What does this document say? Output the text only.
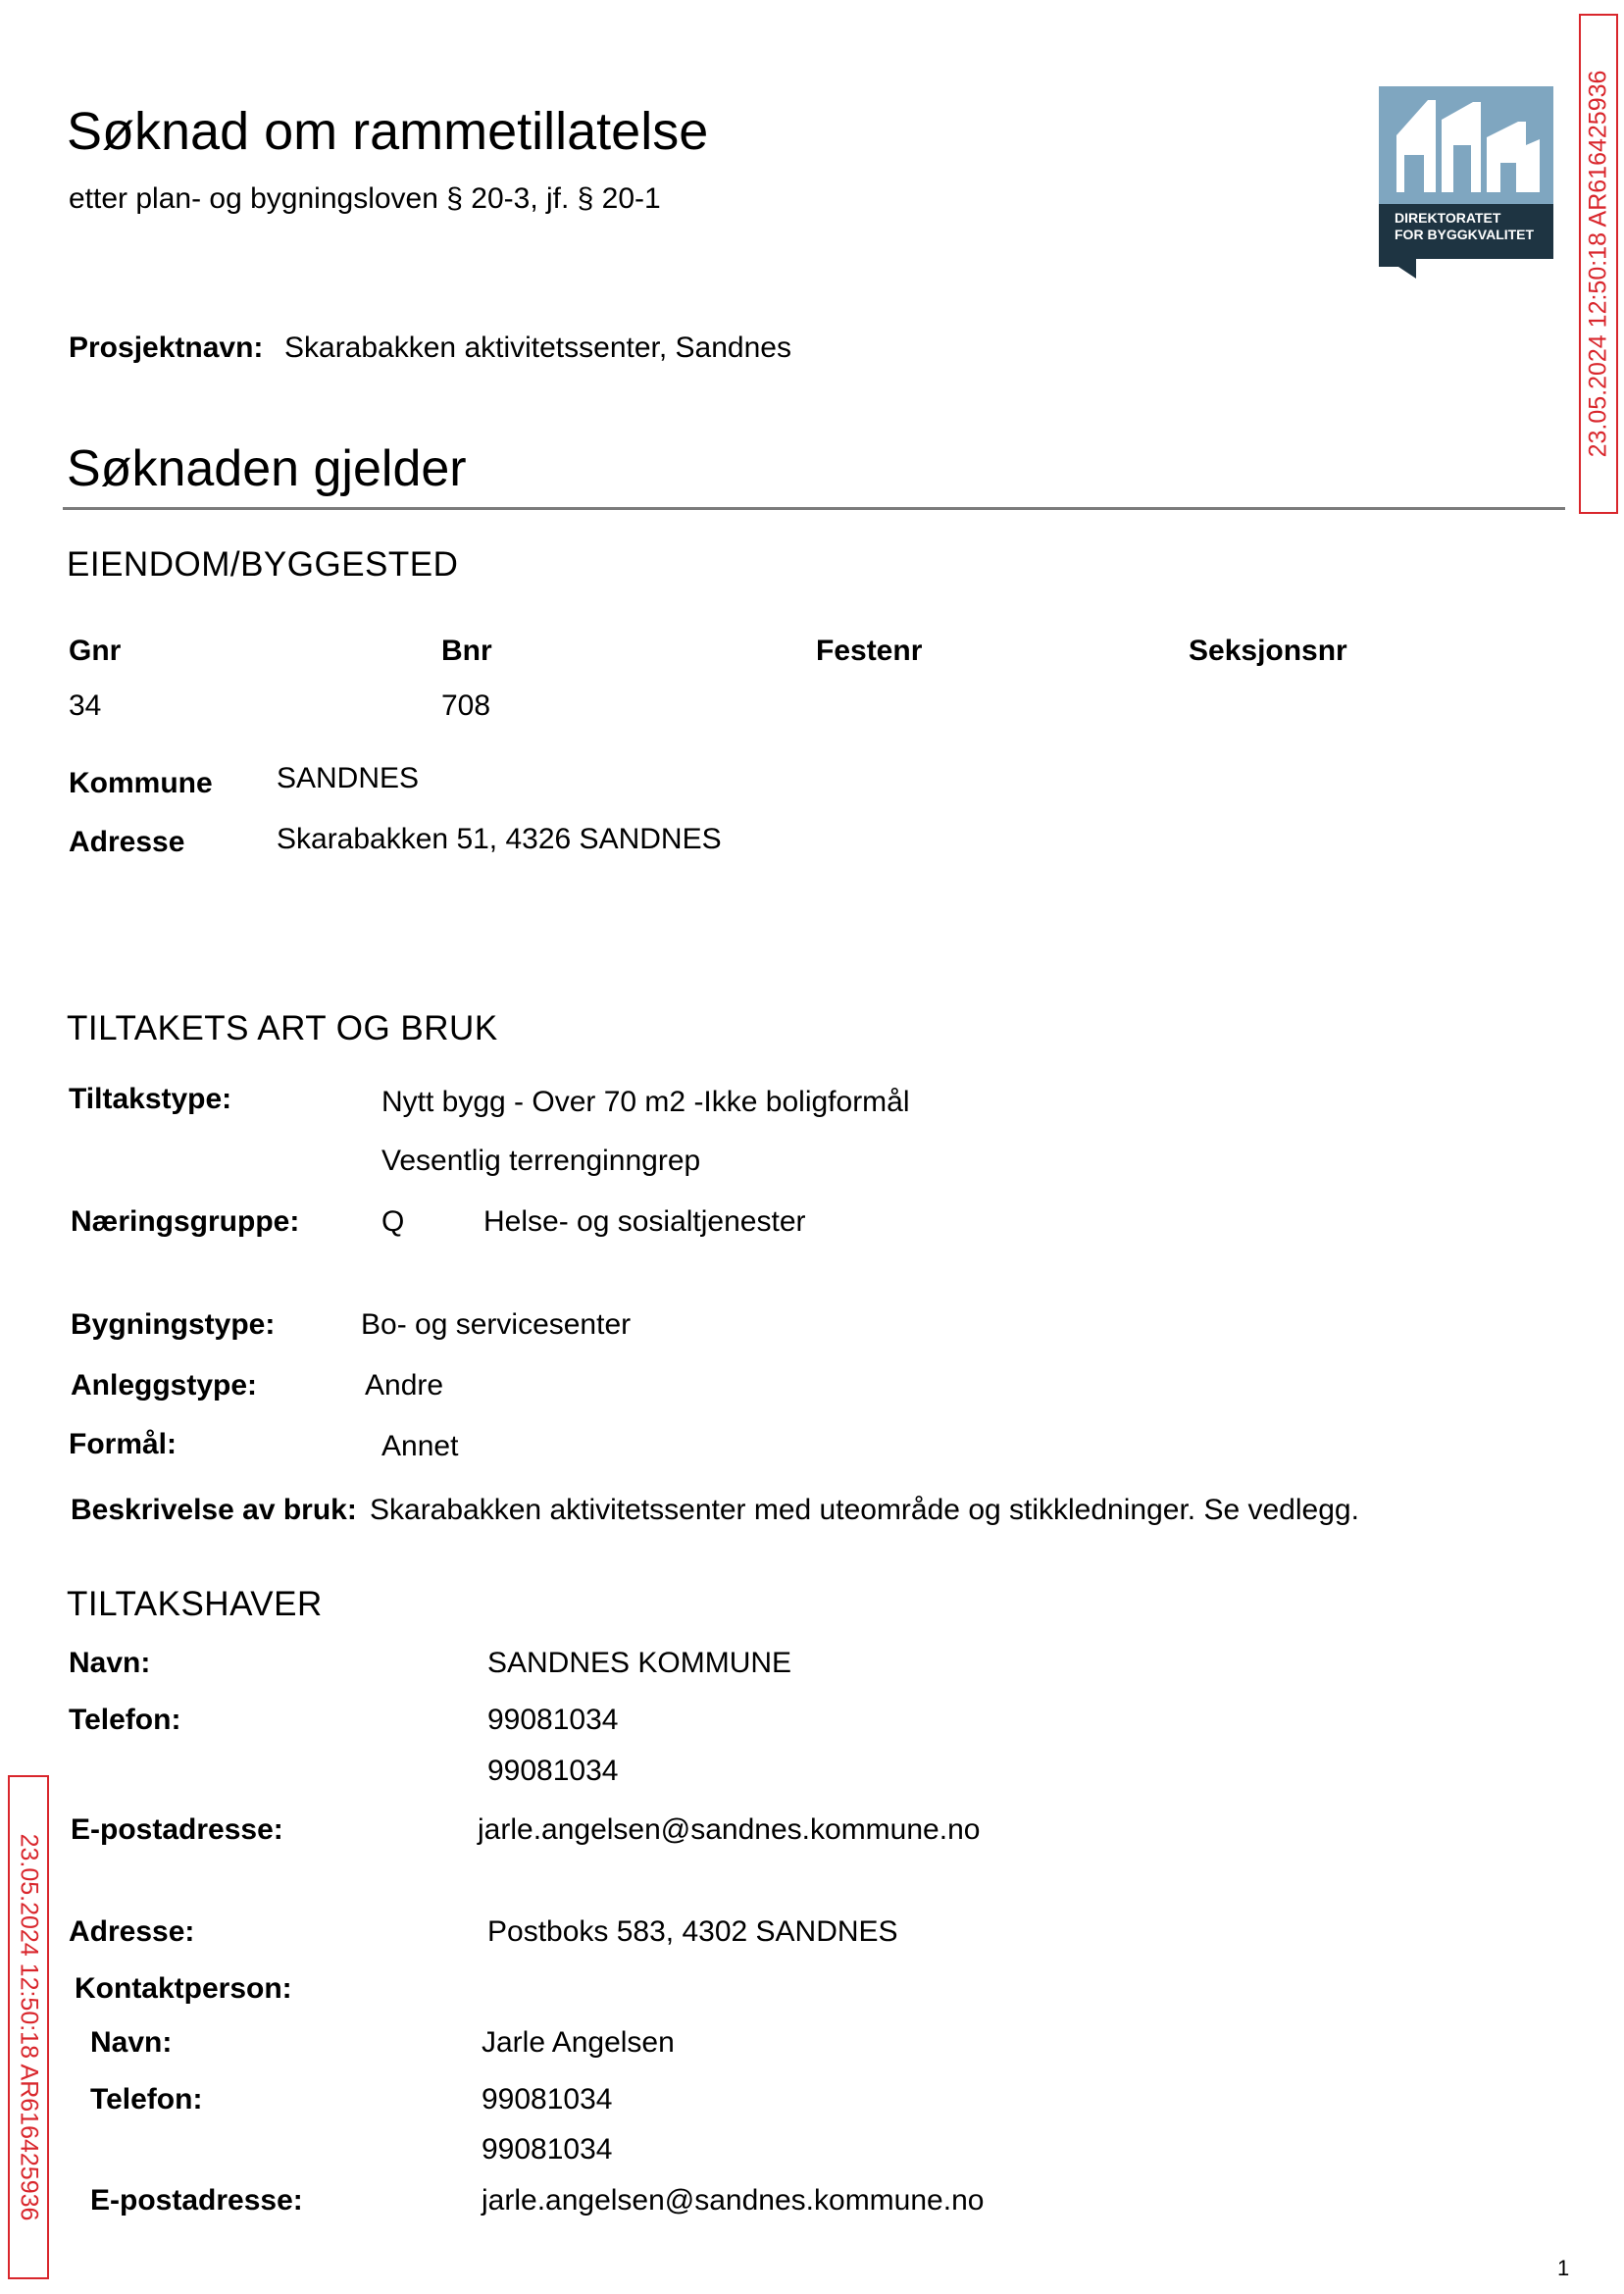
Søknad om rammetillatelse
etter plan- og bygningsloven § 20-3, jf. § 20-1
DIREKTORATET
FOR BYGGKVALITET 23.05.2024 12:50:18 AR616425936
Prosjektnavn: Skarabakken aktivitetssenter, Sandnes
Søknaden gjelder
EIENDOM/BYGGESTED
Gnr	Bnr	Festenr	Seksjonsnr
34	708
Kommune SANDNES
Adresse	Skarabakken 51, 4326 SANDNES
TILTAKETS ART OG BRUK
Tiltakstype:	Nytt bygg - Over 70 m2 -Ikke boligformål
Vesentlig terrenginngrep
Næringsgruppe:	Q	Helse- og sosialtjenester
Bygningstype:	Bo- og servicesenter
Anleggstype:	Andre
Formål:	Annet
Beskrivelse av bruk: Skarabakken aktivitetssenter med uteområde og stikkledninger. Se vedlegg.
TILTAKSHAVER
Navn:	SANDNES KOMMUNE
Telefon:	99081034
99081034
E-postadresse:	jarle.angelsen@sandnes.kommune.no
Adresse:	Postboks 583, 4302 SANDNES
Kontaktperson:
Navn:	Jarle Angelsen
Telefon:	99081034
99081034
E-postadresse:	jarle.angelsen@sandnes.kommune.no
23.05.2024 12:50:18 AR616425936
1
